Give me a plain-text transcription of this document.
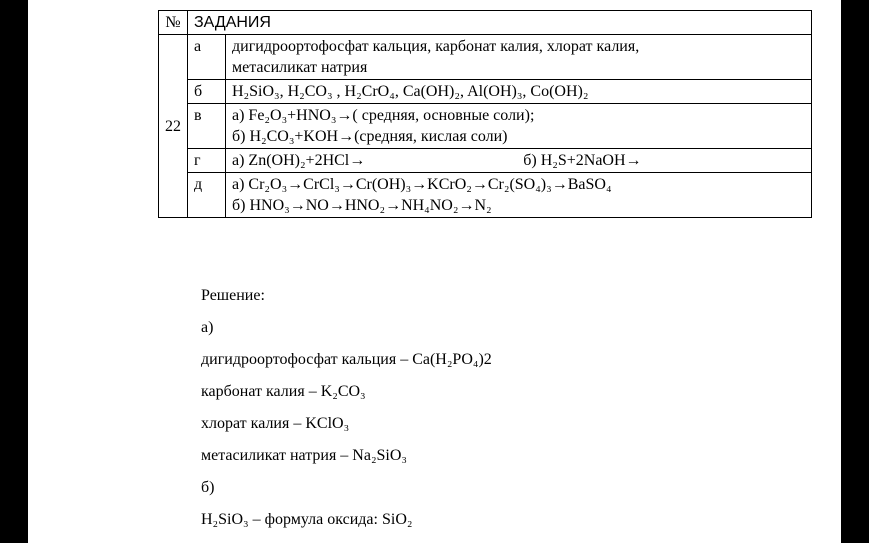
№	ЗАДАНИЯ	
22	а	дигидроортофосфат кальция, карбонат калия, хлорат калия,
метасиликат натрия

	б	H₂SiO₃, H₂CO₃ , H₂CrO₄, Ca(OH)₂, Al(OH)₃, Co(OH)₂
	в	а) Fe₂O₃+HNO₃→( средняя, основные соли);
б) H₂CO₃+KOH→(средняя, кислая соли)

	г	а) Zn(OH)₂+2HCl→ б) H₂S+2NaOH→
	д	а) Cr₂O₃→CrCl₃→Cr(OH)₃→KCrO₂→Cr₂(SO₄)₃→BaSO₄
б) HNO₃→NO→HNO₂→NH₄NO₂→N₂
Решение:
а)
дигидроортофосфат кальция – Ca(H₂PO₄)2
карбонат калия – K₂CO₃
хлорат калия – KClO₃
метасиликат натрия – Na₂SiO₃
б)
H₂SiO₃ – формула оксида: SiO₂
